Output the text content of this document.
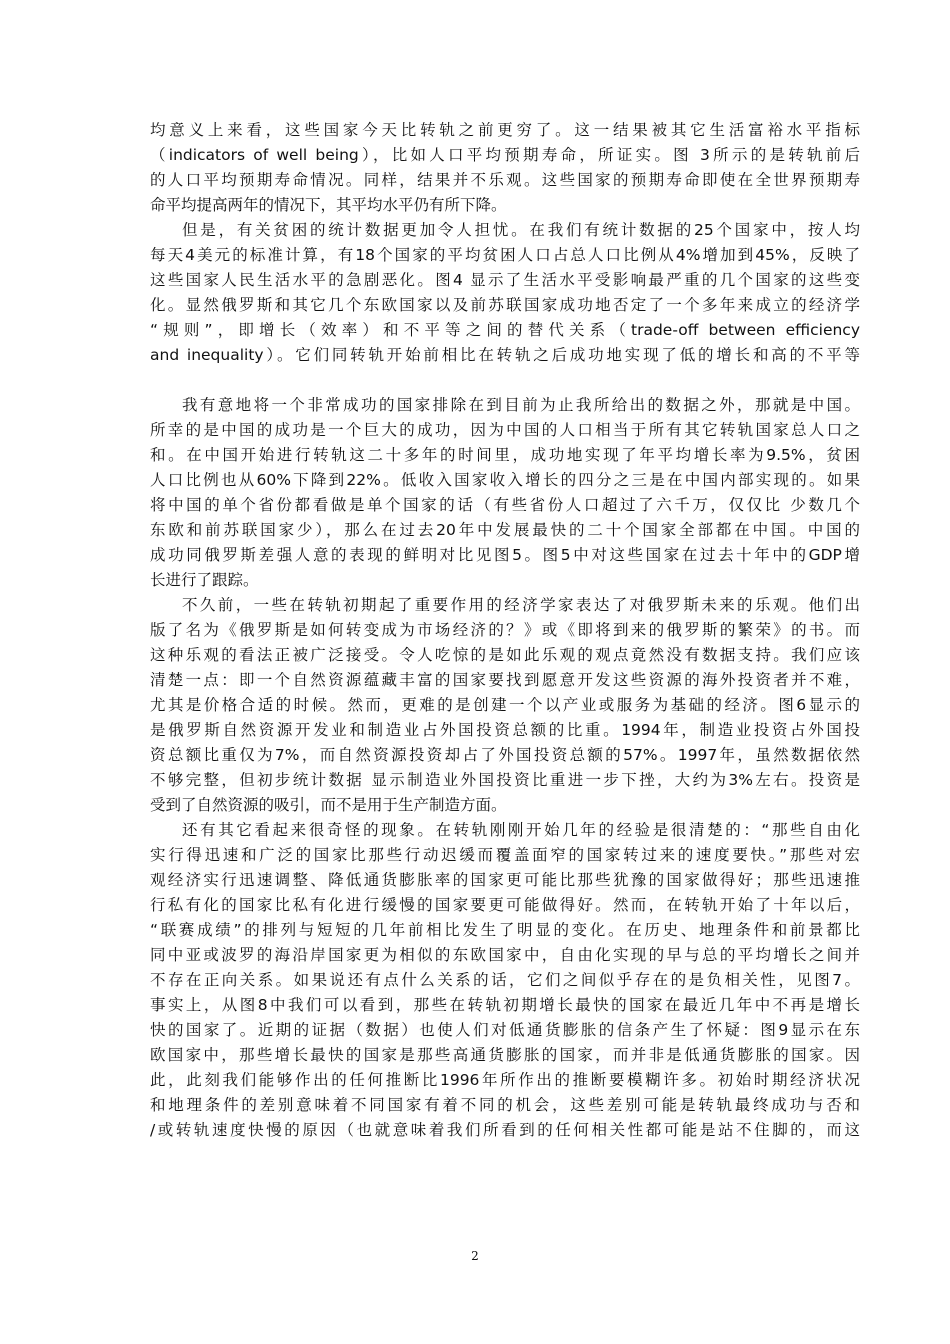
均意义上来看，这些国家今天比转轨之前更穷了。这一结果被其它生活富裕水平指标
（indicators of well being），比如人口平均预期寿命，所证实。图 3所示的是转轨前后
的人口平均预期寿命情况。同样，结果并不乐观。这些国家的预期寿命即使在全世界预期寿
命平均提高两年的情况下，其平均水平仍有所下降。
但是，有关贫困的统计数据更加令人担忧。在我们有统计数据的25个国家中，按人均
每天4美元的标准计算，有18个国家的平均贫困人口占总人口比例从4%增加到45%，反映了
这些国家人民生活水平的急剧恶化。图4 显示了生活水平受影响最严重的几个国家的这些变
化。显然俄罗斯和其它几个东欧国家以及前苏联国家成功地否定了一个多年来成立的经济学
“规则”，即增长（效率）和不平等之间的替代关系（trade-off between efficiency
and inequality）。它们同转轨开始前相比在转轨之后成功地实现了低的增长和高的不平等
我有意地将一个非常成功的国家排除在到目前为止我所给出的数据之外，那就是中国。
所幸的是中国的成功是一个巨大的成功，因为中国的人口相当于所有其它转轨国家总人口之
和。在中国开始进行转轨这二十多年的时间里，成功地实现了年平均增长率为9.5%，贫困
人口比例也从60%下降到22%。低收入国家收入增长的四分之三是在中国内部实现的。如果
将中国的单个省份都看做是单个国家的话（有些省份人口超过了六千万，仅仅比 少数几个
东欧和前苏联国家少），那么在过去20年中发展最快的二十个国家全部都在中国。中国的
成功同俄罗斯差强人意的表现的鲜明对比见图5。图5中对这些国家在过去十年中的GDP增
长进行了跟踪。
不久前，一些在转轨初期起了重要作用的经济学家表达了对俄罗斯未来的乐观。他们出
版了名为《俄罗斯是如何转变成为市场经济的？》或《即将到来的俄罗斯的繁荣》的书。而
这种乐观的看法正被广泛接受。令人吃惊的是如此乐观的观点竟然没有数据支持。我们应该
清楚一点：即一个自然资源蕴藏丰富的国家要找到愿意开发这些资源的海外投资者并不难，
尤其是价格合适的时候。然而，更难的是创建一个以产业或服务为基础的经济。图6显示的
是俄罗斯自然资源开发业和制造业占外国投资总额的比重。1994年，制造业投资占外国投
资总额比重仅为7%，而自然资源投资却占了外国投资总额的57%。1997年，虽然数据依然
不够完整，但初步统计数据 显示制造业外国投资比重进一步下挫，大约为3%左右。投资是
受到了自然资源的吸引，而不是用于生产制造方面。
还有其它看起来很奇怪的现象。在转轨刚刚开始几年的经验是很清楚的：“那些自由化
实行得迅速和广泛的国家比那些行动迟缓而覆盖面窄的国家转过来的速度要快。”那些对宏
观经济实行迅速调整、降低通货膨胀率的国家更可能比那些犹豫的国家做得好；那些迅速推
行私有化的国家比私有化进行缓慢的国家要更可能做得好。然而，在转轨开始了十年以后，
“联赛成绩”的排列与短短的几年前相比发生了明显的变化。在历史、地理条件和前景都比
同中亚或波罗的海沿岸国家更为相似的东欧国家中，自由化实现的早与总的平均增长之间并
不存在正向关系。如果说还有点什么关系的话，它们之间似乎存在的是负相关性，见图7。
事实上，从图8中我们可以看到，那些在转轨初期增长最快的国家在最近几年中不再是增长
快的国家了。近期的证据（数据）也使人们对低通货膨胀的信条产生了怀疑：图9显示在东
欧国家中，那些增长最快的国家是那些高通货膨胀的国家，而并非是低通货膨胀的国家。因
此，此刻我们能够作出的任何推断比1996年所作出的推断要模糊许多。初始时期经济状况
和地理条件的差别意味着不同国家有着不同的机会，这些差别可能是转轨最终成功与否和
/或转轨速度快慢的原因（也就意味着我们所看到的任何相关性都可能是站不住脚的，而这
2
